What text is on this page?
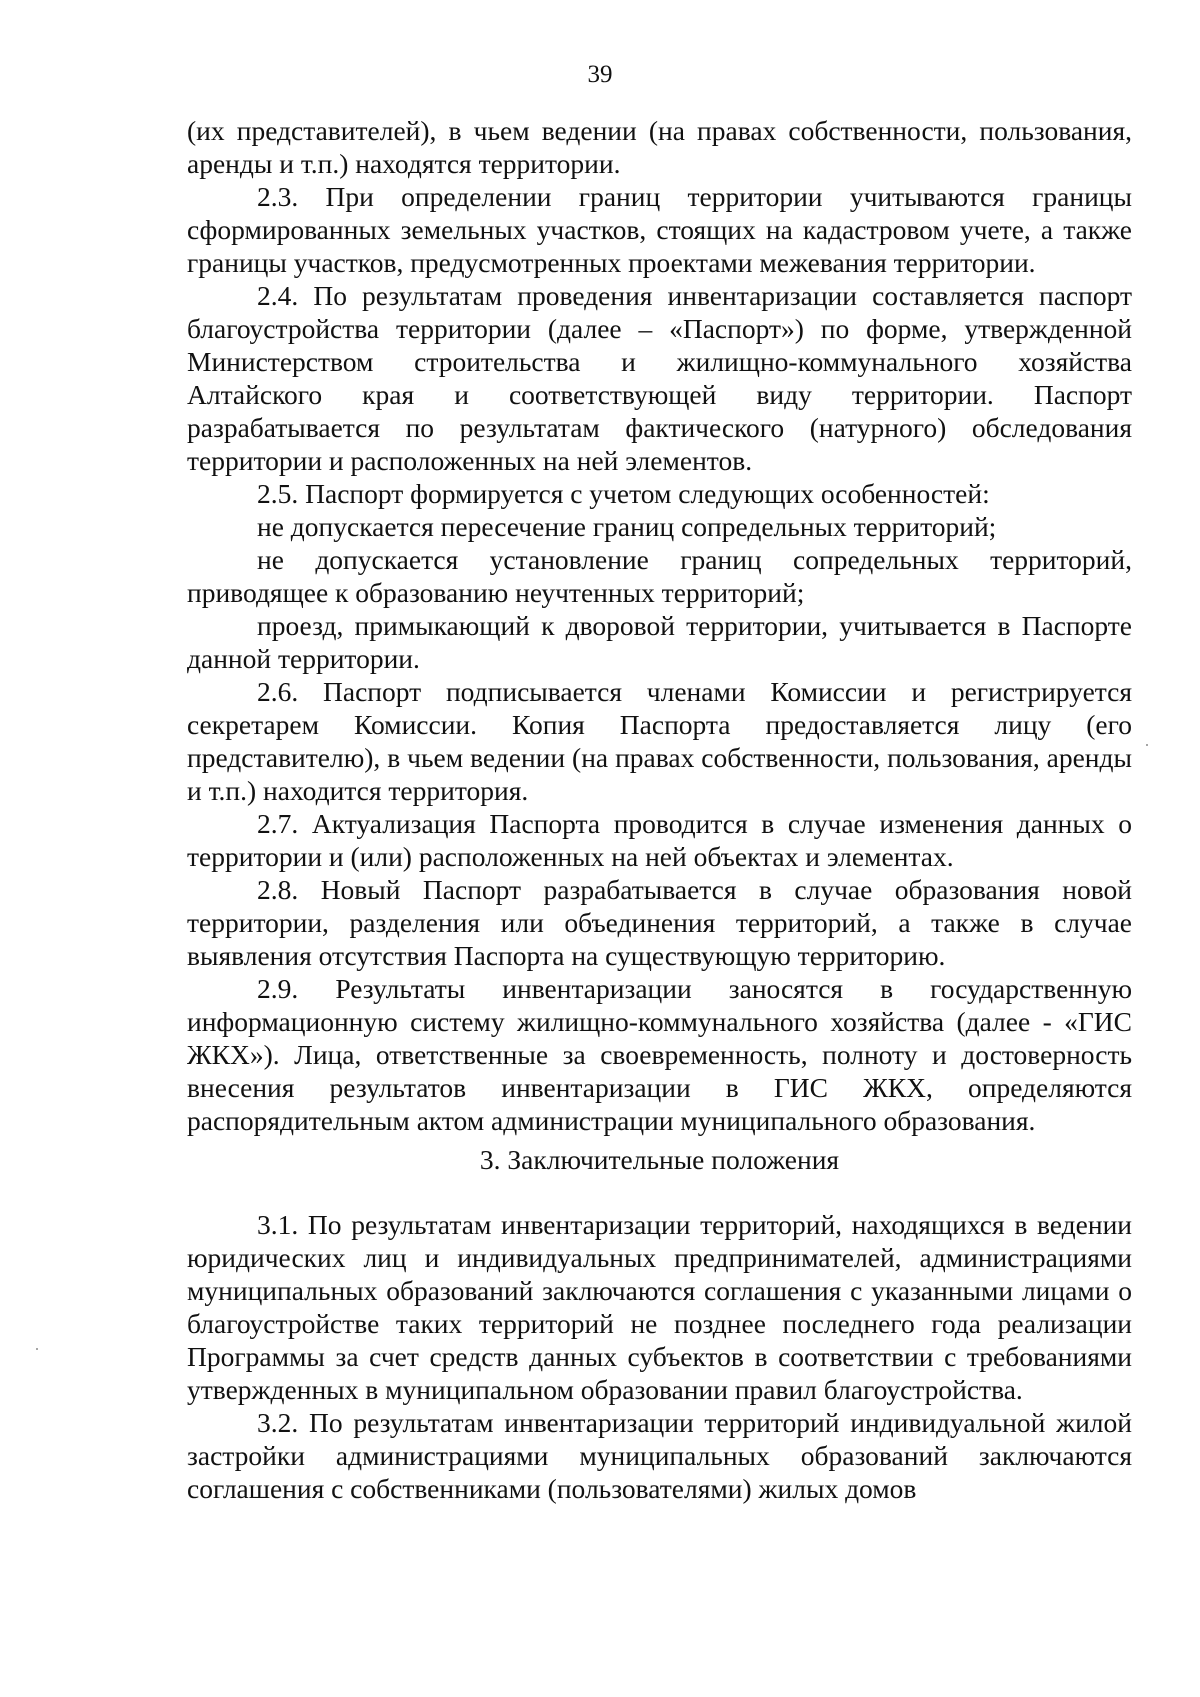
39

(их представителей), в чьем ведении (на правах собственности, пользования, аренды и т.п.) находятся территории.

2.3. При определении границ территории учитываются границы сформированных земельных участков, стоящих на кадастровом учете, а также границы участков, предусмотренных проектами межевания территории.

2.4. По результатам проведения инвентаризации составляется паспорт благоустройства территории (далее – «Паспорт») по форме, утвержденной Министерством строительства и жилищно-коммунального хозяйства Алтайского края и соответствующей виду территории. Паспорт разрабатывается по результатам фактического (натурного) обследования территории и расположенных на ней элементов.

2.5. Паспорт формируется с учетом следующих особенностей:

не допускается пересечение границ сопредельных территорий;

не допускается установление границ сопредельных территорий, приводящее к образованию неучтенных территорий;

проезд, примыкающий к дворовой территории, учитывается в Паспорте данной территории.

2.6. Паспорт подписывается членами Комиссии и регистрируется секретарем Комиссии. Копия Паспорта предоставляется лицу (его представителю), в чьем ведении (на правах собственности, пользования, аренды и т.п.) находится территория.

2.7. Актуализация Паспорта проводится в случае изменения данных о территории и (или) расположенных на ней объектах и элементах.

2.8. Новый Паспорт разрабатывается в случае образования новой территории, разделения или объединения территорий, а также в случае выявления отсутствия Паспорта на существующую территорию.

2.9. Результаты инвентаризации заносятся в государственную информационную систему жилищно-коммунального хозяйства (далее - «ГИС ЖКХ»). Лица, ответственные за своевременность, полноту и достоверность внесения результатов инвентаризации в ГИС ЖКХ, определяются распорядительным актом администрации муниципального образования.

3. Заключительные положения

3.1. По результатам инвентаризации территорий, находящихся в ведении юридических лиц и индивидуальных предпринимателей, администрациями муниципальных образований заключаются соглашения с указанными лицами о благоустройстве таких территорий не позднее последнего года реализации Программы за счет средств данных субъектов в соответствии с требованиями утвержденных в муниципальном образовании правил благоустройства.

3.2. По результатам инвентаризации территорий индивидуальной жилой застройки администрациями муниципальных образований заключаются соглашения с собственниками (пользователями) жилых домов
